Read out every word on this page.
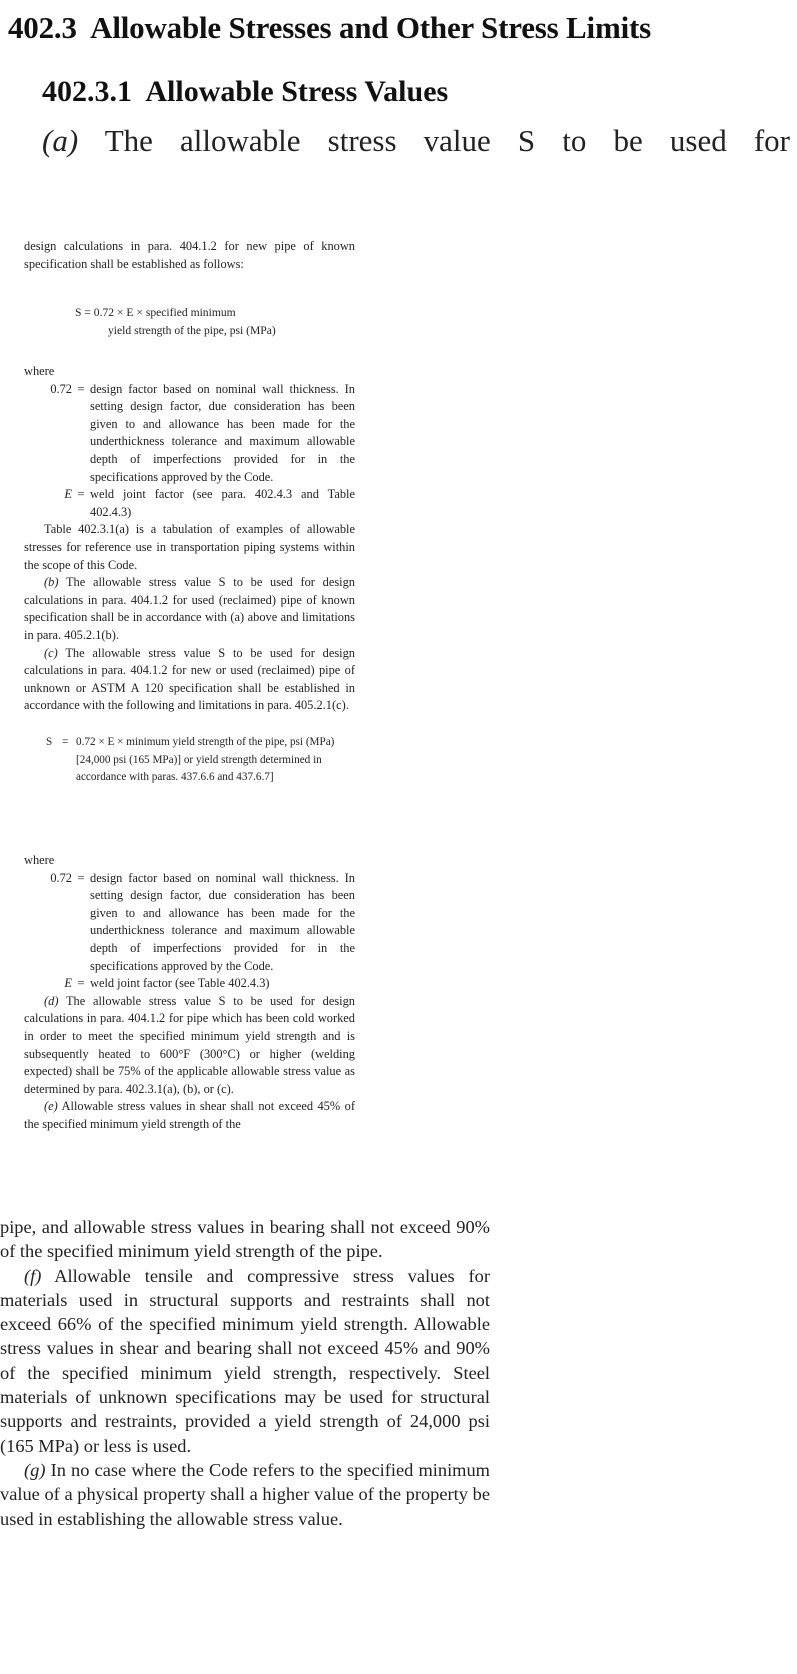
402.3 Allowable Stresses and Other Stress Limits
402.3.1 Allowable Stress Values
(a) The allowable stress value S to be used for

design calculations in para. 404.1.2 for new pipe of known specification shall be established as follows:

S = 0.72 × E × specified minimum
yield strength of the pipe, psi (MPa)
where
0.72 = design factor based on nominal wall thickness. In setting design factor, due consideration has been given to and allowance has been made for the underthickness tolerance and maximum allowable depth of imperfections provided for in the specifications approved by the Code.
E = weld joint factor (see para. 402.4.3 and Table 402.4.3)

Table 402.3.1(a) is a tabulation of examples of allowable stresses for reference use in transportation piping systems within the scope of this Code.

(b) The allowable stress value S to be used for design calculations in para. 404.1.2 for used (reclaimed) pipe of known specification shall be in accordance with (a) above and limitations in para. 405.2.1(b).

(c) The allowable stress value S to be used for design calculations in para. 404.1.2 for new or used (reclaimed) pipe of unknown or ASTM A 120 specification shall be established in accordance with the following and limitations in para. 405.2.1(c).

S = 0.72 × E × minimum yield strength of the pipe, psi (MPa) [24,000 psi (165 MPa)] or yield strength determined in accordance with paras. 437.6.6 and 437.6.7]
where
0.72 = design factor based on nominal wall thickness. In setting design factor, due consideration has been given to and allowance has been made for the underthickness tolerance and maximum allowable depth of imperfections provided for in the specifications approved by the Code.
E = weld joint factor (see Table 402.4.3)

(d) The allowable stress value S to be used for design calculations in para. 404.1.2 for pipe which has been cold worked in order to meet the specified minimum yield strength and is subsequently heated to 600°F (300°C) or higher (welding expected) shall be 75% of the applicable allowable stress value as determined by para. 402.3.1(a), (b), or (c).

(e) Allowable stress values in shear shall not exceed 45% of the specified minimum yield strength of the

pipe, and allowable stress values in bearing shall not exceed 90% of the specified minimum yield strength of the pipe.

(f) Allowable tensile and compressive stress values for materials used in structural supports and restraints shall not exceed 66% of the specified minimum yield strength. Allowable stress values in shear and bearing shall not exceed 45% and 90% of the specified minimum yield strength, respectively. Steel materials of unknown specifications may be used for structural supports and restraints, provided a yield strength of 24,000 psi (165 MPa) or less is used.

(g) In no case where the Code refers to the specified minimum value of a physical property shall a higher value of the property be used in establishing the allowable stress value.
